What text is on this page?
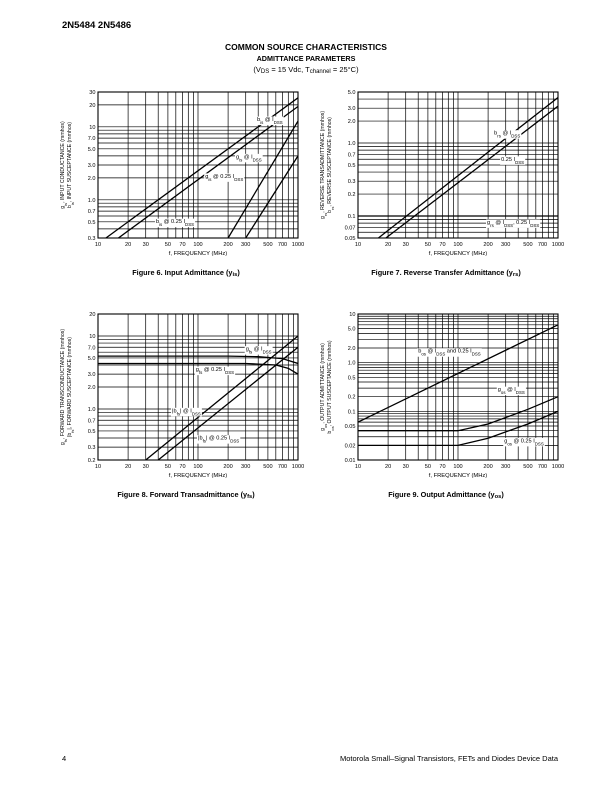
2N5484 2N5486
COMMON SOURCE CHARACTERISTICS
ADMITTANCE PARAMETERS
($V_{DS} = 15$ Vdc, $T_{channel} = 25^\circ C$)
10	20 30	50 70 100	200 300 500 700 1000
0.3
0.5
0.7
1.0
2.0
3.0
5.0
7.0
10
20
30
f, FREQUENCY (MHz)
$g_{is}$, INPUT CONDUCTANCE (mmhos)
$b_{is}$, INPUT SUSCEPTANCE (mmhos)
$b_{is}$ @ $I_{DSS}$
$g_{is}$ @ $I_{DSS}$
$g_{is}$ @ 0.25 $I_{DSS}$
$b_{is}$ @ 0.25 $I_{DSS}$
Figure 6. Input Admittance $(y_{is})$
10	20 30	50 70 100	200 300 500 700 1000
0.05
0.07
0.1
0.2
0.3
0.5
0.7
1.0
2.0
3.0
5.0
f, FREQUENCY (MHz)
$g_{rs}$, REVERSE TRANSADMITTANCE (mmhos) $b_{rs}$, REVERSE SUSCEPTANCE (mmhos)	$b_{rs}$ @ $I_{DSS}$
0.25 $I_{DSS}$
$g_{rs}$ @ $I_{DSS}$, 0.25 $I_{DSS}$
Figure 7. Reverse Transfer Admittance $(y_{rs})$
10	20 30	50 70 100	200 300 500 700 1000
0.2
0.3
0.5
0.7
1.0
2.0
3.0
5.0
7.0
10
20
f, FREQUENCY (MHz)
$g_{fs}$, FORWARD TRANSCONDUCTANCE (mmhos) $|b_{fs}|$, FORWARD SUSCEPTANCE (mmhos)	$g_{fs}$ @ $I_{DSS}$
$g_{fs}$ @ 0.25 $I_{DSS}$
$|b_{fs}|$ @ $I_{DSS}$
$|b_{fs}|$ @ 0.25 $I_{DSS}$
Figure 8. Forward Transadmittance $(y_{fs})$
10	20 30	50 70 100	200 300 500 700 1000
0.01
0.02
0.05
0.1
0.2
0.5
1.0
2.0
5.0
10
f, FREQUENCY (MHz)
$g_{os}$, OUTPUT ADMITTANCE (mmhos)
$b_{os}$, OUTPUT SUSCEPTANCE (mmhos)	$b_{os}$ @ $I_{DSS}$ and 0.25 $I_{DSS}$
$g_{os}$ @ $I_{DSS}$
$g_{os}$ @ 0.25 $I_{DSS}$
Figure 9. Output Admittance $(y_{os})$
4	Motorola Small–Signal Transistors, FETs and Diodes Device Data
